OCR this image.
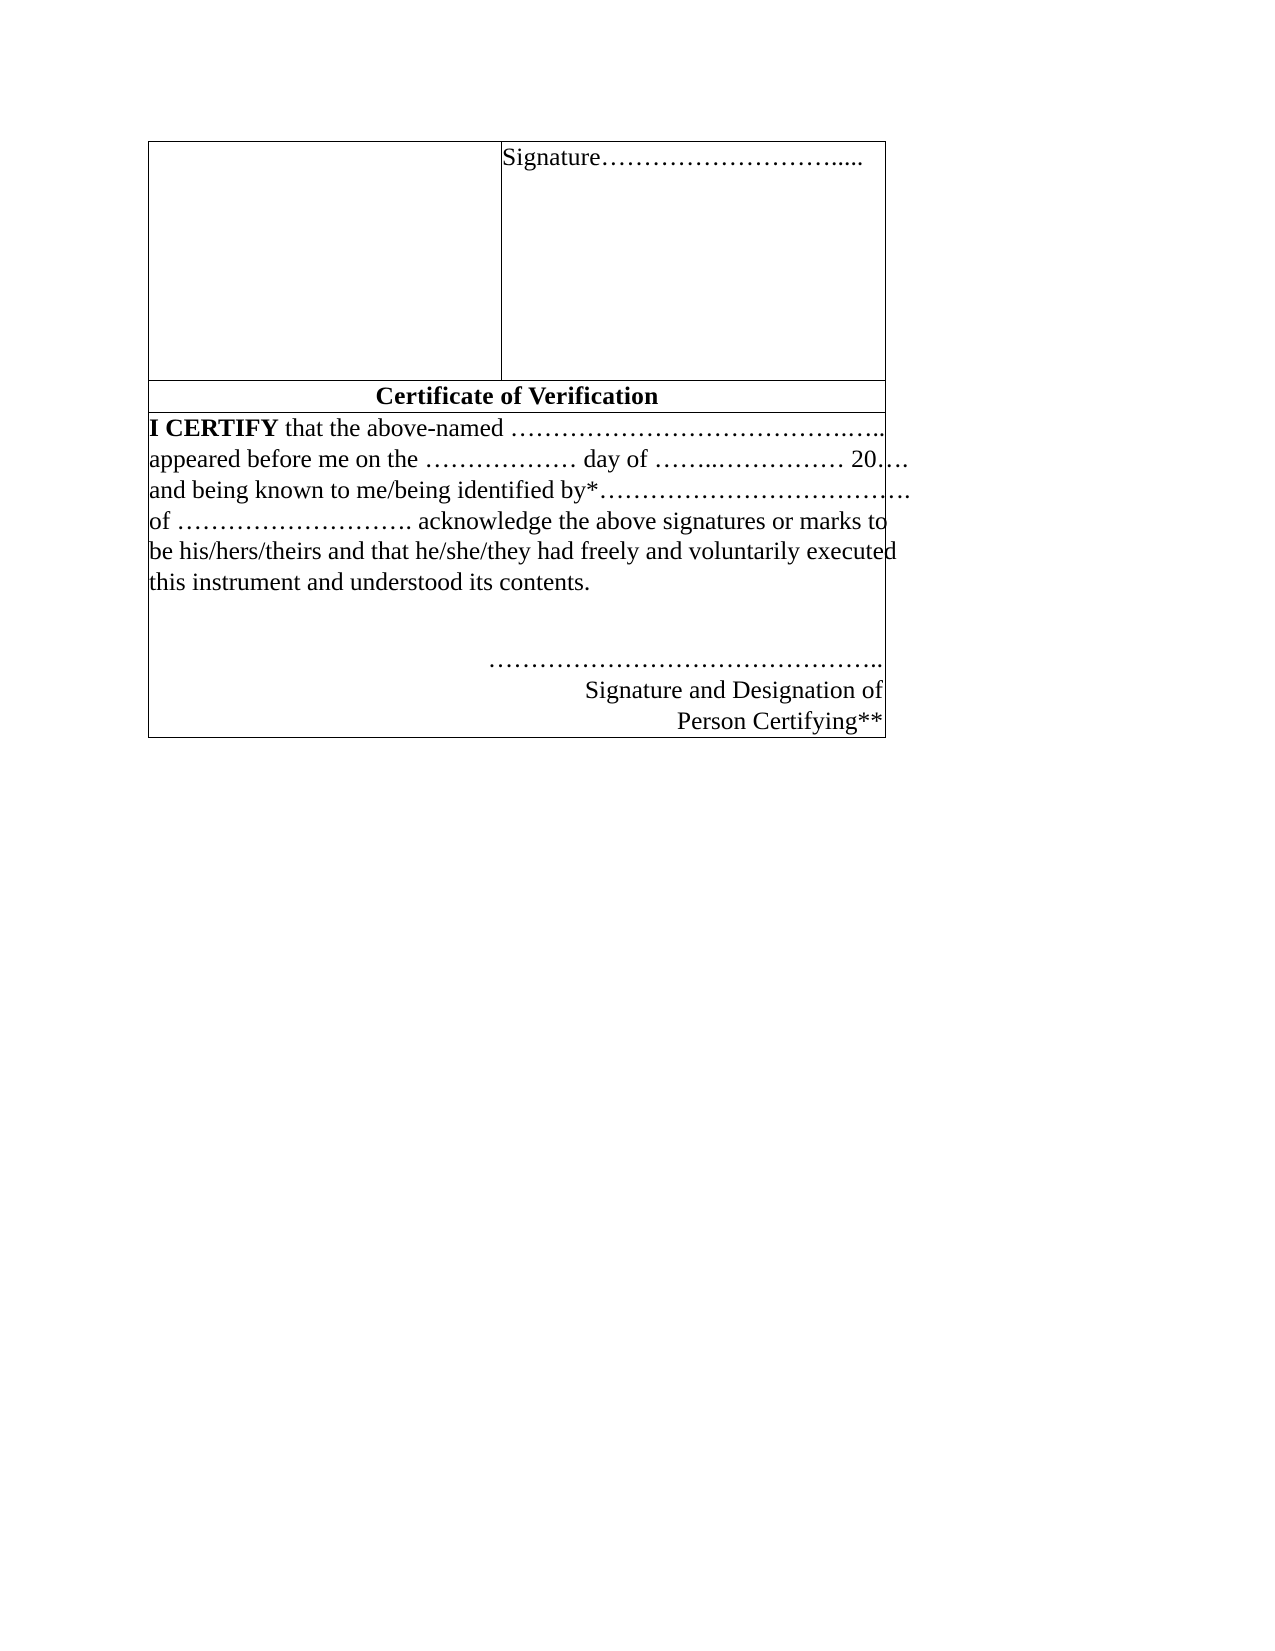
Signature……………………….....

Certificate of Verification

I CERTIFY that the above-named ………………………………….…..
appeared before me on the ……………… day of ……..…………… 20….
and being known to me/being identified by*……………………………….
of ………………………. acknowledge the above signatures or marks to
be his/hers/theirs and that he/she/they had freely and voluntarily executed
this instrument and understood its contents.
………………………………………..
Signature and Designation of
Person Certifying**
